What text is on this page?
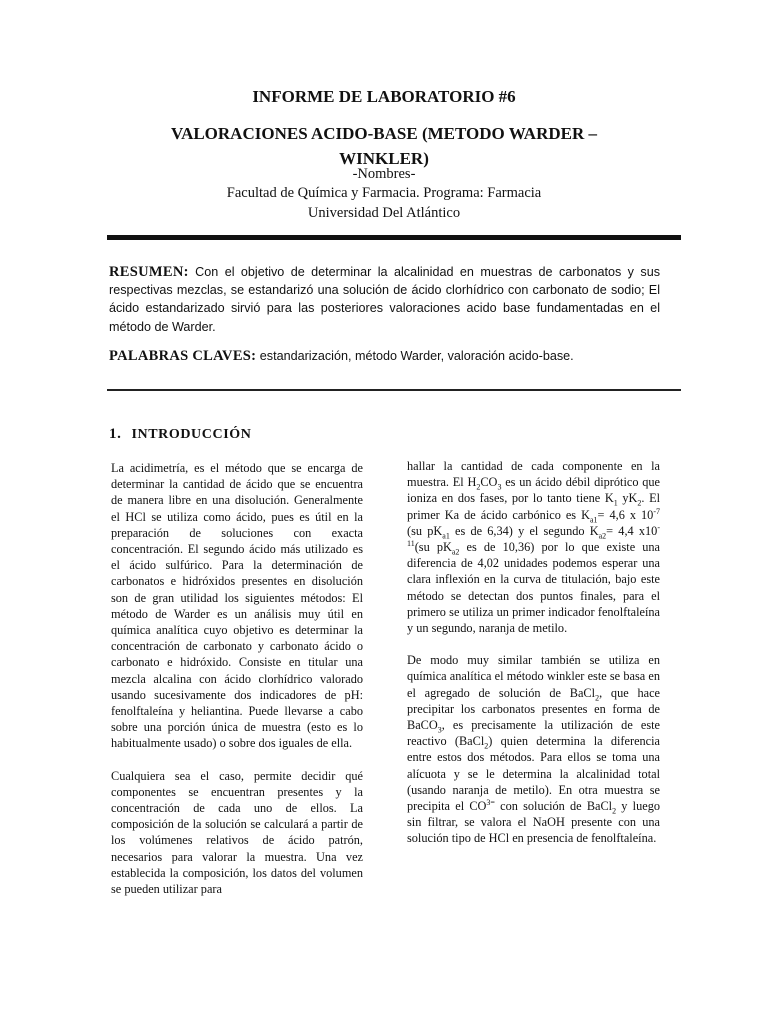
INFORME DE LABORATORIO #6
VALORACIONES ACIDO-BASE (METODO WARDER – WINKLER)
-Nombres-
Facultad de Química y Farmacia. Programa: Farmacia
Universidad Del Atlántico
RESUMEN: Con el objetivo de determinar la alcalinidad en muestras de carbonatos y sus respectivas mezclas, se estandarizó una solución de ácido clorhídrico con carbonato de sodio; El ácido estandarizado sirvió para las posteriores valoraciones acido base fundamentadas en el método de Warder.
PALABRAS CLAVES: estandarización, método Warder, valoración acido-base.
1. INTRODUCCIÓN

La acidimetría, es el método que se encarga de determinar la cantidad de ácido que se encuentra de manera libre en una disolución. Generalmente el HCl se utiliza como ácido, pues es útil en la preparación de soluciones con exacta concentración. El segundo ácido más utilizado es el ácido sulfúrico. Para la determinación de carbonatos e hidróxidos presentes en disolución son de gran utilidad los siguientes métodos: El método de Warder es un análisis muy útil en química analítica cuyo objetivo es determinar la concentración de carbonato y carbonato ácido o carbonato e hidróxido. Consiste en titular una mezcla alcalina con ácido clorhídrico valorado usando sucesivamente dos indicadores de pH: fenolftaleína y heliantina. Puede llevarse a cabo sobre una porción única de muestra (esto es lo habitualmente usado) o sobre dos iguales de ella.

Cualquiera sea el caso, permite decidir qué componentes se encuentran presentes y la concentración de cada uno de ellos. La composición de la solución se calculará a partir de los volúmenes relativos de ácido patrón, necesarios para valorar la muestra. Una vez establecida la composición, los datos del volumen se pueden utilizar para

hallar la cantidad de cada componente en la muestra. El $H_2CO_3$ es un ácido débil diprótico que ioniza en dos fases, por lo tanto tiene $K_1$ $yK_2$. El primer Ka de ácido carbónico es $K_{a1}= 4,6$ x $10^{-7}$ (su $pK_{a1}$ es de 6,34) y el segundo $K_{a2}= 4,4$ $x10^{-11}(su$ $pK_{a2}$ es de 10,36) por lo que existe una diferencia de 4,02 unidades podemos esperar una clara inflexión en la curva de titulación, bajo este método se detectan dos puntos finales, para el primero se utiliza un primer indicador fenolftaleína y un segundo, naranja de metilo.

De modo muy similar también se utiliza en química analítica el método winkler este se basa en el agregado de solución de BaCl$_2$, que hace precipitar los carbonatos presentes en forma de BaCO$_3$, es precisamente la utilización de este reactivo (BaCl$_2$) quien determina la diferencia entre estos dos métodos. Para ellos se toma una alícuota y se le determina la alcalinidad total (usando naranja de metilo). En otra muestra se precipita el $CO^{3=}$ con solución de BaCl$_2$ y luego sin filtrar, se valora el NaOH presente con una solución tipo de HCl en presencia de fenolftaleína.
